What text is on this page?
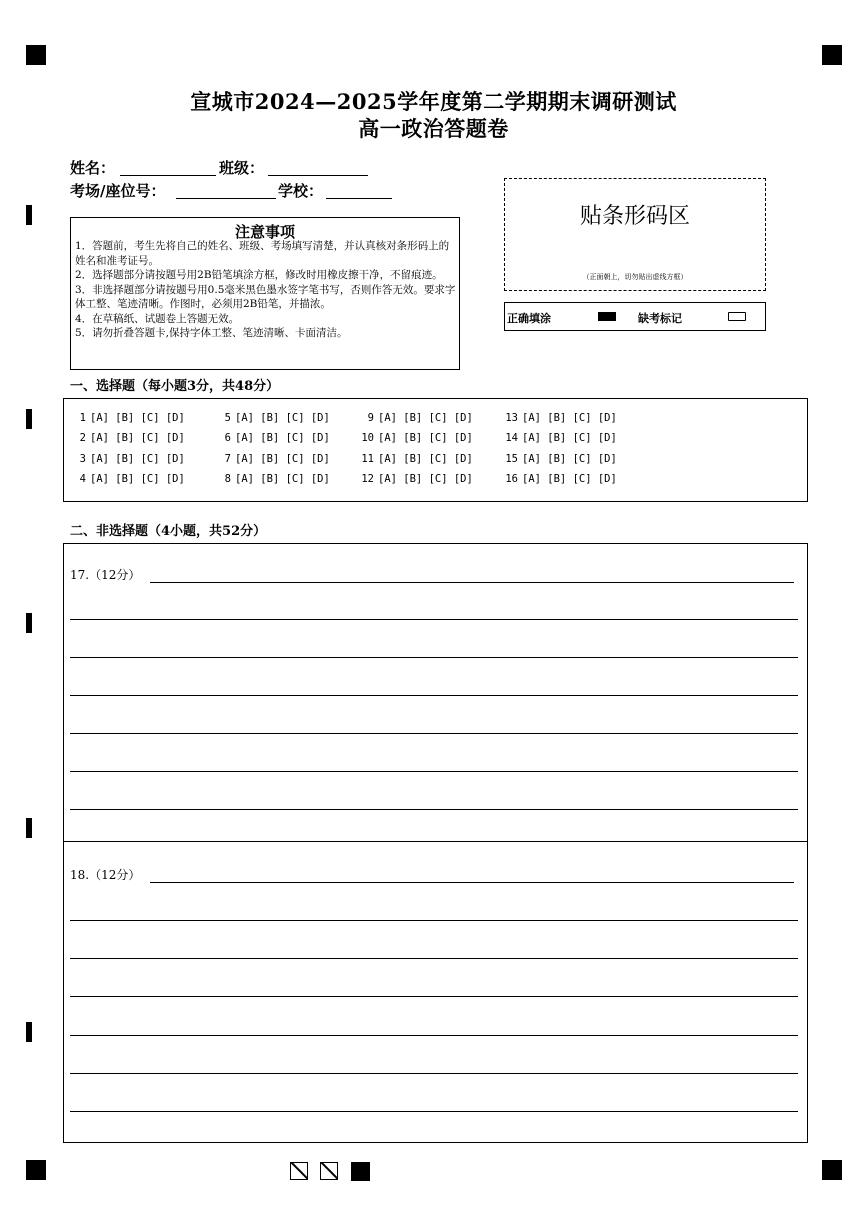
宣城市2024—2025学年度第二学期期末调研测试
高一政治答题卷
姓名：	班级：
考场/座位号：	学校：
注意事项
1．答题前，考生先将自己的姓名、班级、考场填写清楚，并认真核对条形码上的姓名和准考证号。
2．选择题部分请按题号用2B铅笔填涂方框，修改时用橡皮擦干净，不留痕迹。
3．非选择题部分请按题号用0.5毫米黑色墨水签字笔书写，否则作答无效。要求字体工整、笔迹清晰。作图时，必须用2B铅笔，并描浓。
4．在草稿纸、试题卷上答题无效。
5．请勿折叠答题卡,保持字体工整、笔迹清晰、卡面清洁。
贴条形码区
（正面朝上，切勿贴出虚线方框）
正确填涂	缺考标记
一、选择题（每小题3分，共48分）
1 [A] [B] [C] [D]
2 [A] [B] [C] [D]
3 [A] [B] [C] [D]
4 [A] [B] [C] [D]
5 [A] [B] [C] [D]
6 [A] [B] [C] [D]
7 [A] [B] [C] [D]
8 [A] [B] [C] [D]
9 [A] [B] [C] [D]
10 [A] [B] [C] [D]
11 [A] [B] [C] [D]
12 [A] [B] [C] [D]
13 [A] [B] [C] [D]
14 [A] [B] [C] [D]
15 [A] [B] [C] [D]
16 [A] [B] [C] [D]
二、非选择题（4小题，共52分）
17.（12分）
18.（12分）
